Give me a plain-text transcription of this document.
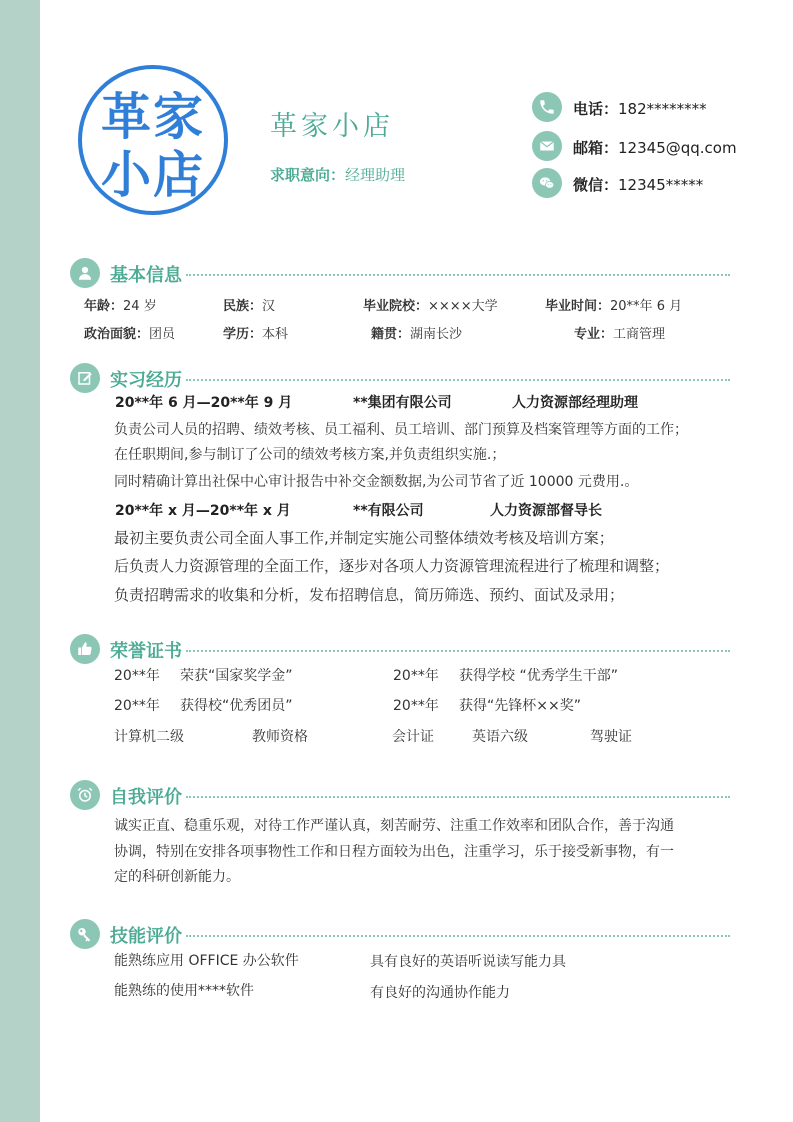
革家
小店
革家小店
求职意向：经理助理
电话：182********
邮箱：12345@qq.com
微信：12345*****
基本信息
年龄：24 岁	民族：汉	毕业院校：××××大学	毕业时间：20**年 6 月
政治面貌：团员	学历：本科	籍贯：湖南长沙	专业：工商管理
实习经历
20**年 6 月—20**年 9 月	**集团有限公司	人力资源部经理助理
负责公司人员的招聘、绩效考核、员工福利、员工培训、部门预算及档案管理等方面的工作；
在任职期间,参与制订了公司的绩效考核方案,并负责组织实施.；
同时精确计算出社保中心审计报告中补交金额数据,为公司节省了近 10000 元费用.。
20**年 x 月—20**年 x 月	**有限公司	人力资源部督导长
最初主要负责公司全面人事工作,并制定实施公司整体绩效考核及培训方案；
后负责人力资源管理的全面工作，逐步对各项人力资源管理流程进行了梳理和调整；
负责招聘需求的收集和分析，发布招聘信息，简历筛选、预约、面试及录用；
荣誉证书
20**年 荣获“国家奖学金”	20**年 获得学校 “优秀学生干部”
20**年 获得校“优秀团员”	20**年 获得“先锋杯××奖”
计算机二级	教师资格	会计证	英语六级	驾驶证
自我评价
诚实正直、稳重乐观，对待工作严谨认真，刻苦耐劳、注重工作效率和团队合作，善于沟通
协调，特别在安排各项事物性工作和日程方面较为出色，注重学习，乐于接受新事物，有一
定的科研创新能力。
技能评价
能熟练应用 OFFICE 办公软件	具有良好的英语听说读写能力具
能熟练的使用****软件	有良好的沟通协作能力
